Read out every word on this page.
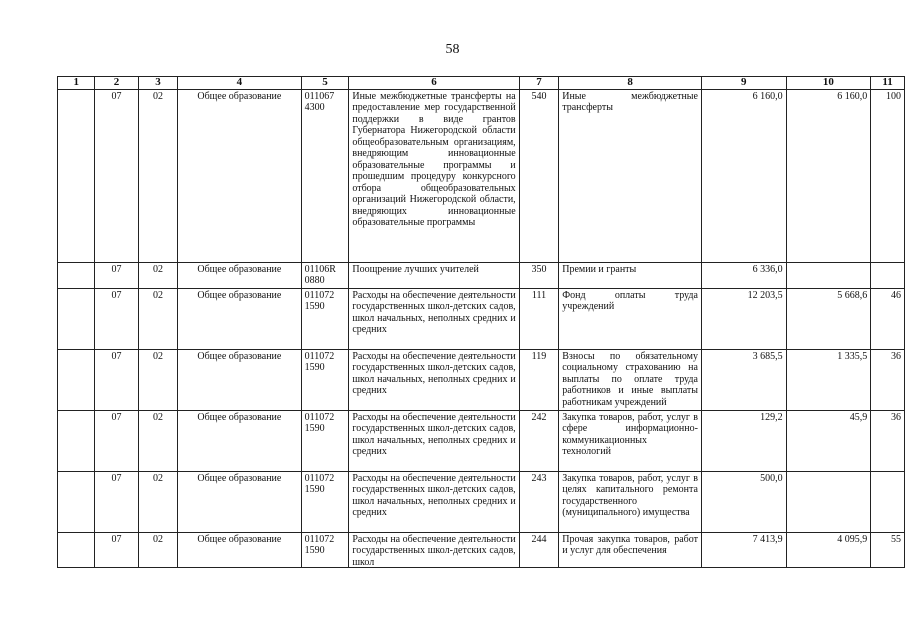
58
1	2	3	4	5	6	7	8	9	10	11
	07	02	Общее образование	011067 4300	Иные межбюджетные трансферты на предоставление мер государственной поддержки в виде грантов Губернатора Нижегородской области общеобразовательным организациям, внедряющим инновационные образовательные программы и прошедшим процедуру конкурсного отбора общеобразовательных организаций Нижегородской области, внедряющих инновационные образовательные программы	540	Иные межбюджетные трансферты	6 160,0	6 160,0	100
	07	02	Общее образование	01106R 0880	Поощрение лучших учителей	350	Премии и гранты	6 336,0		
	07	02	Общее образование	011072 1590	Расходы на обеспечение деятельности государственных школ-детских садов, школ начальных, неполных средних и средних	111	Фонд оплаты труда учреждений	12 203,5	5 668,6	46
	07	02	Общее образование	011072 1590	Расходы на обеспечение деятельности государственных школ-детских садов, школ начальных, неполных средних и средних	119	Взносы по обязательному социальному страхованию на выплаты по оплате труда работников и иные выплаты работникам учреждений	3 685,5	1 335,5	36
	07	02	Общее образование	011072 1590	Расходы на обеспечение деятельности государственных школ-детских садов, школ начальных, неполных средних и средних	242	Закупка товаров, работ, услуг в сфере информационно-коммуникационных технологий	129,2	45,9	36
	07	02	Общее образование	011072 1590	Расходы на обеспечение деятельности государственных школ-детских садов, школ начальных, неполных средних и средних	243	Закупка товаров, работ, услуг в целях капитального ремонта государственного (муниципального) имущества	500,0		
	07	02	Общее образование	011072 1590	Расходы на обеспечение деятельности государственных школ-детских садов, школ	244	Прочая закупка товаров, работ и услуг для обеспечения	7 413,9	4 095,9	55
